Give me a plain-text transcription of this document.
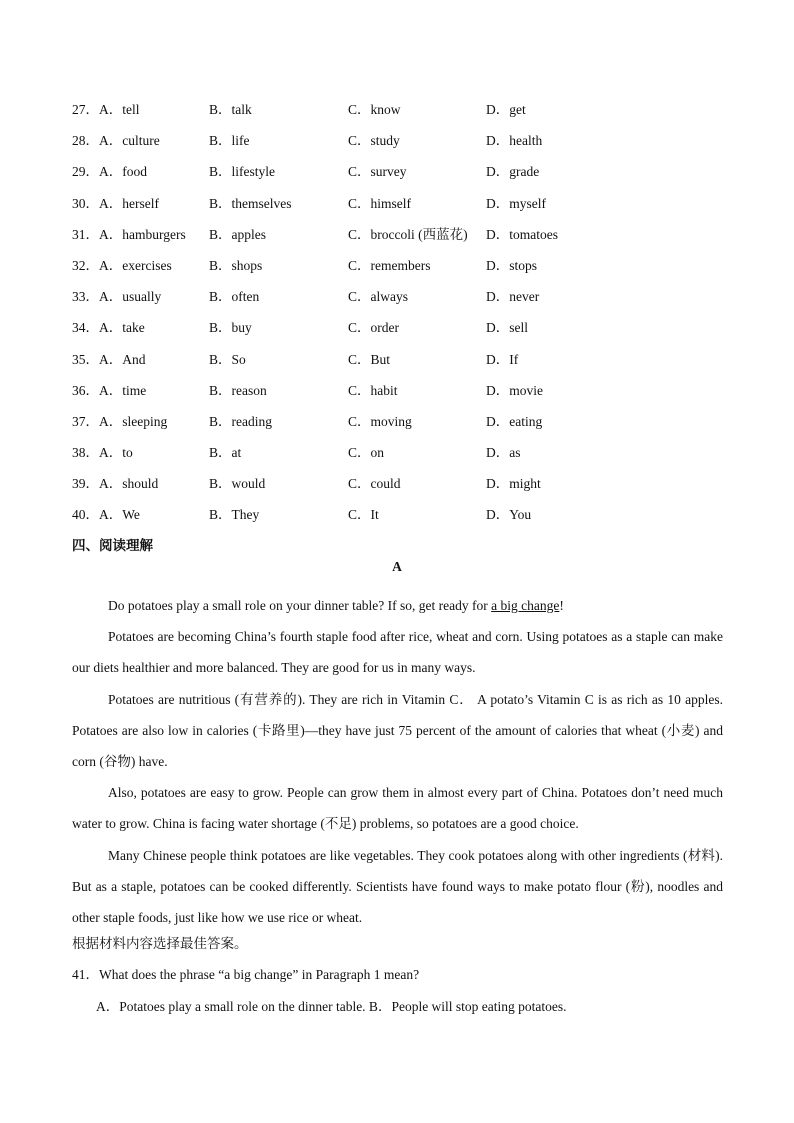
27．A．tell	B．talk	C．know	D．get
28．A．culture	B．life	C．study	D．health
29．A．food	B．lifestyle	C．survey	D．grade
30．A．herself	B．themselves	C．himself	D．myself
31．A．hamburgers B．apples	C．broccoli (西蓝花) D．tomatoes
32．A．exercises	B．shops	C．remembers	D．stops
33．A．usually	B．often	C．always	D．never
34．A．take	B．buy	C．order	D．sell
35．A．And	B．So	C．But	D．If
36．A．time	B．reason	C．habit	D．movie
37．A．sleeping	B．reading	C．moving	D．eating
38．A．to	B．at	C．on	D．as
39．A．should	B．would	C．could	D．might
40．A．We	B．They	C．It	D．You
四、阅读理解
A

Do potatoes play a small role on your dinner table? If so, get ready for a big change!

Potatoes are becoming China’s fourth staple food after rice, wheat and corn. Using potatoes as a staple can make our diets healthier and more balanced. They are good for us in many ways.

Potatoes are nutritious (有营养的). They are rich in Vitamin C． A potato’s Vitamin C is as rich as 10 apples. Potatoes are also low in calories (卡路里)—they have just 75 percent of the amount of calories that wheat (小麦) and corn (谷物) have.

Also, potatoes are easy to grow. People can grow them in almost every part of China. Potatoes don’t need much water to grow. China is facing water shortage (不足) problems, so potatoes are a good choice.

Many Chinese people think potatoes are like vegetables. They cook potatoes along with other ingredients (材料). But as a staple, potatoes can be cooked differently. Scientists have found ways to make potato flour (粉), noodles and other staple foods, just like how we use rice or wheat.

根据材料内容选择最佳答案。
41．What does the phrase “a big change” in Paragraph 1 mean?
A．Potatoes play a small role on the dinner table. B．People will stop eating potatoes.
